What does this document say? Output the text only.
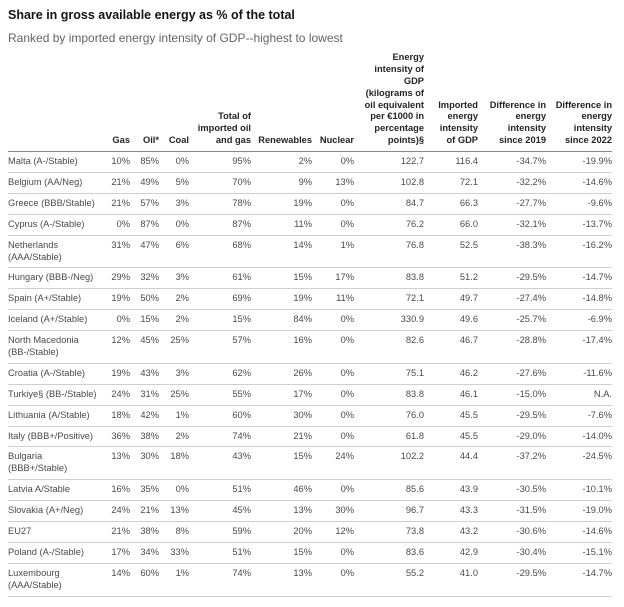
Share in gross available energy as % of the total

Ranked by imported energy intensity of GDP--highest to lowest

	Gas	Oil*	Coal	Total of imported oil and gas	Renewables	Nuclear	Energy intensity of GDP (kilograms of oil equivalent per €1000 in percentage points)§	Imported energy intensity of GDP	Difference in energy intensity since 2019	Difference in energy intensity since 2022
Malta (A-/Stable)	10%	85%	0%	95%	2%	0%	122.7	116.4	-34.7%	-19.9%
Belgium (AA/Neg)	21%	49%	5%	70%	9%	13%	102.8	72.1	-32.2%	-14.6%
Greece (BBB/Stable)	21%	57%	3%	78%	19%	0%	84.7	66.3	-27.7%	-9.6%
Cyprus (A-/Stable)	0%	87%	0%	87%	11%	0%	76.2	66.0	-32.1%	-13.7%
Netherlands (AAA/Stable)	31%	47%	6%	68%	14%	1%	76.8	52.5	-38.3%	-16.2%
Hungary (BBB-/Neg)	29%	32%	3%	61%	15%	17%	83.8	51.2	-29.5%	-14.7%
Spain (A+/Stable)	19%	50%	2%	69%	19%	11%	72.1	49.7	-27.4%	-14.8%
Iceland (A+/Stable)	0%	15%	2%	15%	84%	0%	330.9	49.6	-25.7%	-6.9%
North Macedonia (BB-/Stable)	12%	45%	25%	57%	16%	0%	82.6	46.7	-28.8%	-17.4%
Croatia (A-/Stable)	19%	43%	3%	62%	26%	0%	75.1	46.2	-27.6%	-11.6%
Turkiye§ (BB-/Stable)	24%	31%	25%	55%	17%	0%	83.8	46.1	-15.0%	N.A.
Lithuania (A/Stable)	18%	42%	1%	60%	30%	0%	76.0	45.5	-29.5%	-7.6%
Italy (BBB+/Positive)	36%	38%	2%	74%	21%	0%	61.8	45.5	-29.0%	-14.0%
Bulgaria (BBB+/Stable)	13%	30%	18%	43%	15%	24%	102.2	44.4	-37.2%	-24.5%
Latvia A/Stable	16%	35%	0%	51%	46%	0%	85.6	43.9	-30.5%	-10.1%
Slovakia (A+/Neg)	24%	21%	13%	45%	13%	30%	96.7	43.3	-31.5%	-19.0%
EU27	21%	38%	8%	59%	20%	12%	73.8	43.2	-30.6%	-14.6%
Poland (A-/Stable)	17%	34%	33%	51%	15%	0%	83.6	42.9	-30.4%	-15.1%
Luxembourg (AAA/Stable)	14%	60%	1%	74%	13%	0%	55.2	41.0	-29.5%	-14.7%
